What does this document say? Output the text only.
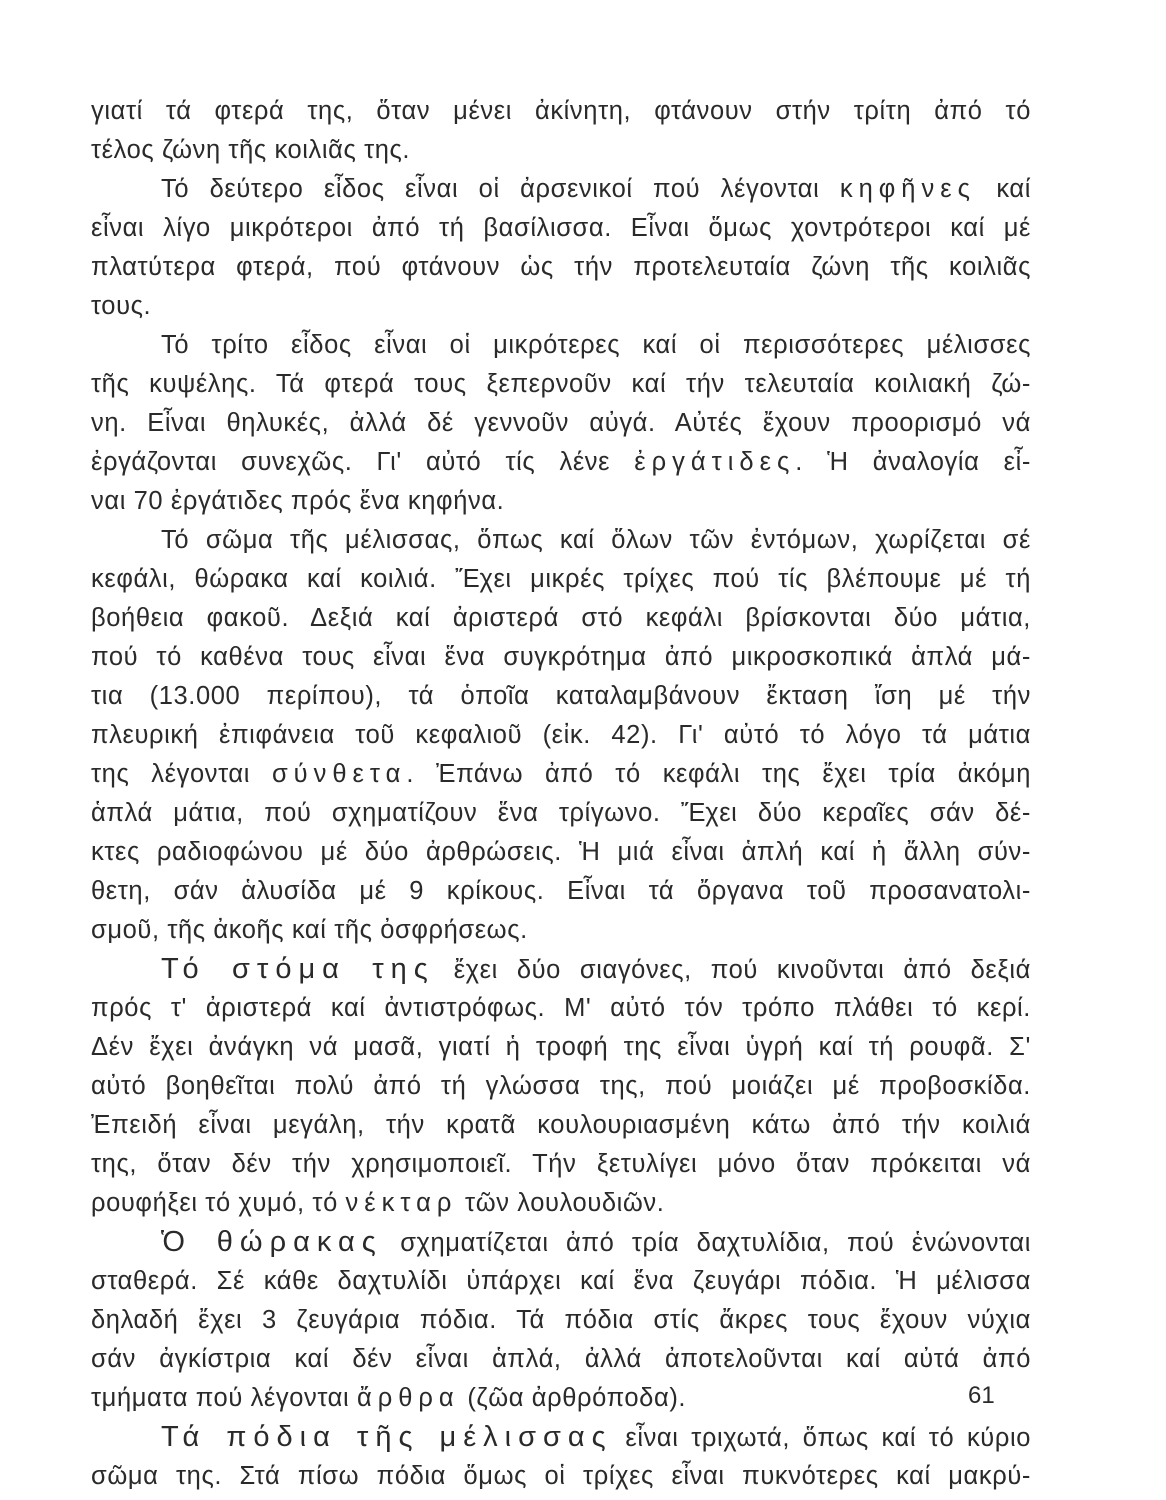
γιατί τά φτερά της, ὅταν μένει ἀκίνητη, φτάνουν στήν τρίτη ἀπό τό
τέλος ζώνη τῆς κοιλιᾶς της.
Τό δεύτερο εἶδος εἶναι οἱ ἀρσενικοί πού λέγονται κηφῆνες καί
εἶναι λίγο μικρότεροι ἀπό τή βασίλισσα. Εἶναι ὅμως χοντρότεροι καί μέ
πλατύτερα φτερά, πού φτάνουν ὡς τήν προτελευταία ζώνη τῆς κοιλιᾶς
τους.
Τό τρίτο εἶδος εἶναι οἱ μικρότερες καί οἱ περισσότερες μέλισσες
τῆς κυψέλης. Τά φτερά τους ξεπερνοῦν καί τήν τελευταία κοιλιακή ζώ-
νη. Εἶναι θηλυκές, ἀλλά δέ γεννοῦν αὐγά. Αὐτές ἔχουν προορισμό νά
ἐργάζονται συνεχῶς. Γι' αὐτό τίς λένε ἐργάτιδες. Ἡ ἀναλογία εἶ-
ναι 70 ἐργάτιδες πρός ἕνα κηφήνα.
Τό σῶμα τῆς μέλισσας, ὅπως καί ὅλων τῶν ἐντόμων, χωρίζεται σέ
κεφάλι, θώρακα καί κοιλιά. Ἔχει μικρές τρίχες πού τίς βλέπουμε μέ τή
βοήθεια φακοῦ. Δεξιά καί ἀριστερά στό κεφάλι βρίσκονται δύο μάτια,
πού τό καθένα τους εἶναι ἕνα συγκρότημα ἀπό μικροσκοπικά ἁπλά μά-
τια (13.000 περίπου), τά ὁποῖα καταλαμβάνουν ἔκταση ἴση μέ τήν
πλευρική ἐπιφάνεια τοῦ κεφαλιοῦ (εἰκ. 42). Γι' αὐτό τό λόγο τά μάτια
της λέγονται σύνθετα. Ἐπάνω ἀπό τό κεφάλι της ἔχει τρία ἀκόμη
ἁπλά μάτια, πού σχηματίζουν ἕνα τρίγωνο. Ἔχει δύο κεραῖες σάν δέ-
κτες ραδιοφώνου μέ δύο ἀρθρώσεις. Ἡ μιά εἶναι ἁπλή καί ἡ ἄλλη σύν-
θετη, σάν ἁλυσίδα μέ 9 κρίκους. Εἶναι τά ὄργανα τοῦ προσανατολι-
σμοῦ, τῆς ἀκοῆς καί τῆς ὀσφρήσεως.
Τό στόμα της ἔχει δύο σιαγόνες, πού κινοῦνται ἀπό δεξιά
πρός τ' ἀριστερά καί ἀντιστρόφως. Μ' αὐτό τόν τρόπο πλάθει τό κερί.
Δέν ἔχει ἀνάγκη νά μασᾶ, γιατί ἡ τροφή της εἶναι ὑγρή καί τή ρουφᾶ. Σ'
αὐτό βοηθεῖται πολύ ἀπό τή γλώσσα της, πού μοιάζει μέ προβοσκίδα.
Ἐπειδή εἶναι μεγάλη, τήν κρατᾶ κουλουριασμένη κάτω ἀπό τήν κοιλιά
της, ὅταν δέν τήν χρησιμοποιεῖ. Τήν ξετυλίγει μόνο ὅταν πρόκειται νά
ρουφήξει τό χυμό, τό νέκταρ τῶν λουλουδιῶν.
Ὁ θώρακας σχηματίζεται ἀπό τρία δαχτυλίδια, πού ἑνώνονται
σταθερά. Σέ κάθε δαχτυλίδι ὑπάρχει καί ἕνα ζευγάρι πόδια. Ἡ μέλισσα
δηλαδή ἔχει 3 ζευγάρια πόδια. Τά πόδια στίς ἄκρες τους ἔχουν νύχια
σάν ἀγκίστρια καί δέν εἶναι ἁπλά, ἀλλά ἀποτελοῦνται καί αὐτά ἀπό
τμήματα πού λέγονται ἄρθρα (ζῶα ἀρθρόποδα).
Τά πόδια τῆς μέλισσας εἶναι τριχωτά, ὅπως καί τό κύριο
σῶμα της. Στά πίσω πόδια ὅμως οἱ τρίχες εἶναι πυκνότερες καί μακρύ-
61
